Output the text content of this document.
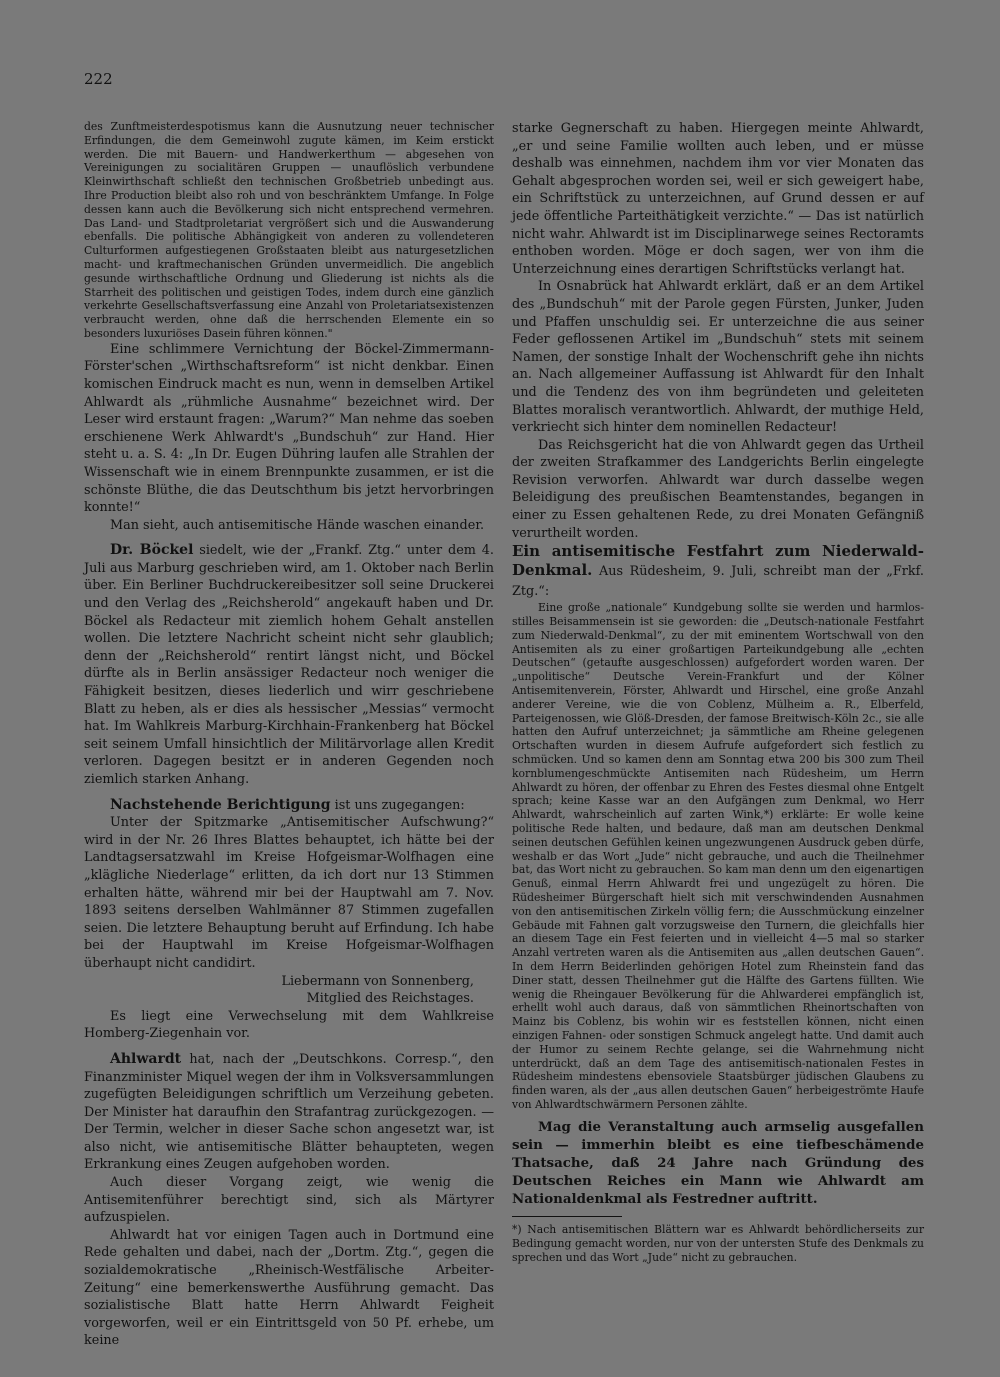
222

des Zunftmeisterdespotismus kann die Ausnutzung neuer technischer Erfindungen, die dem Gemeinwohl zugute kämen, im Keim erstickt werden. Die mit Bauern- und Handwerkerthum — abgesehen von Vereinigungen zu socialitären Gruppen — unauflöslich verbundene Kleinwirthschaft schließt den technischen Großbetrieb unbedingt aus. Ihre Production bleibt also roh und von beschränktem Umfange. In Folge dessen kann auch die Bevölkerung sich nicht entsprechend vermehren. Das Land- und Stadtproletariat vergrößert sich und die Auswanderung ebenfalls. Die politische Abhängigkeit von anderen zu vollendeteren Culturformen aufgestiegenen Großstaaten bleibt aus naturgesetzlichen macht- und kraftmechanischen Gründen unvermeidlich. Die angeblich gesunde wirthschaftliche Ordnung und Gliederung ist nichts als die Starrheit des politischen und geistigen Todes, indem durch eine gänzlich verkehrte Gesellschaftsverfassung eine Anzahl von Proletariatsexistenzen verbraucht werden, ohne daß die herrschenden Elemente ein so besonders luxuriöses Dasein führen können."

Eine schlimmere Vernichtung der Böckel-Zimmermann-Förster'schen „Wirthschaftsreform“ ist nicht denkbar. Einen komischen Eindruck macht es nun, wenn in demselben Artikel Ahlwardt als „rühmliche Ausnahme“ bezeichnet wird. Der Leser wird erstaunt fragen: „Warum?“ Man nehme das soeben erschienene Werk Ahlwardt's „Bundschuh“ zur Hand. Hier steht u. a. S. 4: „In Dr. Eugen Dühring laufen alle Strahlen der Wissenschaft wie in einem Brennpunkte zusammen, er ist die schönste Blüthe, die das Deutschthum bis jetzt hervorbringen konnte!“

Man sieht, auch antisemitische Hände waschen einander.

Dr. Böckel siedelt, wie der „Frankf. Ztg.“ unter dem 4. Juli aus Marburg geschrieben wird, am 1. Oktober nach Berlin über. Ein Berliner Buchdruckereibesitzer soll seine Druckerei und den Verlag des „Reichsherold“ angekauft haben und Dr. Böckel als Redacteur mit ziemlich hohem Gehalt anstellen wollen. Die letztere Nachricht scheint nicht sehr glaublich; denn der „Reichsherold“ rentirt längst nicht, und Böckel dürfte als in Berlin ansässiger Redacteur noch weniger die Fähigkeit besitzen, dieses liederlich und wirr geschriebene Blatt zu heben, als er dies als hessischer „Messias“ vermocht hat. Im Wahlkreis Marburg-Kirchhain-Frankenberg hat Böckel seit seinem Umfall hinsichtlich der Militärvorlage allen Kredit verloren. Dagegen besitzt er in anderen Gegenden noch ziemlich starken Anhang.

Nachstehende Berichtigung ist uns zugegangen:

Unter der Spitzmarke „Antisemitischer Aufschwung?“ wird in der Nr. 26 Ihres Blattes behauptet, ich hätte bei der Landtagsersatzwahl im Kreise Hofgeismar-Wolfhagen eine „klägliche Niederlage“ erlitten, da ich dort nur 13 Stimmen erhalten hätte, während mir bei der Hauptwahl am 7. Nov. 1893 seitens derselben Wahlmänner 87 Stimmen zugefallen seien. Die letztere Behauptung beruht auf Erfindung. Ich habe bei der Hauptwahl im Kreise Hofgeismar-Wolfhagen überhaupt nicht candidirt.

Liebermann von Sonnenberg,
Mitglied des Reichstages.

Es liegt eine Verwechselung mit dem Wahlkreise Homberg-Ziegenhain vor.

Ahlwardt hat, nach der „Deutschkons. Corresp.“, den Finanzminister Miquel wegen der ihm in Volksversammlungen zugefügten Beleidigungen schriftlich um Verzeihung gebeten. Der Minister hat daraufhin den Strafantrag zurückgezogen. — Der Termin, welcher in dieser Sache schon angesetzt war, ist also nicht, wie antisemitische Blätter behaupteten, wegen Erkrankung eines Zeugen aufgehoben worden.

Auch dieser Vorgang zeigt, wie wenig die Antisemitenführer berechtigt sind, sich als Märtyrer aufzuspielen.

Ahlwardt hat vor einigen Tagen auch in Dortmund eine Rede gehalten und dabei, nach der „Dortm. Ztg.“, gegen die sozialdemokratische „Rheinisch-Westfälische Arbeiter-Zeitung“ eine bemerkenswerthe Ausführung gemacht. Das sozialistische Blatt hatte Herrn Ahlwardt Feigheit vorgeworfen, weil er ein Eintrittsgeld von 50 Pf. erhebe, um keine

starke Gegnerschaft zu haben. Hiergegen meinte Ahlwardt, „er und seine Familie wollten auch leben, und er müsse deshalb was einnehmen, nachdem ihm vor vier Monaten das Gehalt abgesprochen worden sei, weil er sich geweigert habe, ein Schriftstück zu unterzeichnen, auf Grund dessen er auf jede öffentliche Parteithätigkeit verzichte.“ — Das ist natürlich nicht wahr. Ahlwardt ist im Disciplinarwege seines Rectoramts enthoben worden. Möge er doch sagen, wer von ihm die Unterzeichnung eines derartigen Schriftstücks verlangt hat.

In Osnabrück hat Ahlwardt erklärt, daß er an dem Artikel des „Bundschuh“ mit der Parole gegen Fürsten, Junker, Juden und Pfaffen unschuldig sei. Er unterzeichne die aus seiner Feder geflossenen Artikel im „Bundschuh“ stets mit seinem Namen, der sonstige Inhalt der Wochenschrift gehe ihn nichts an. Nach allgemeiner Auffassung ist Ahlwardt für den Inhalt und die Tendenz des von ihm begründeten und geleiteten Blattes moralisch verantwortlich. Ahlwardt, der muthige Held, verkriecht sich hinter dem nominellen Redacteur!

Das Reichsgericht hat die von Ahlwardt gegen das Urtheil der zweiten Strafkammer des Landgerichts Berlin eingelegte Revision verworfen. Ahlwardt war durch dasselbe wegen Beleidigung des preußischen Beamtenstandes, begangen in einer zu Essen gehaltenen Rede, zu drei Monaten Gefängniß verurtheilt worden.

Ein antisemitische Festfahrt zum Niederwald-Denkmal. Aus Rüdesheim, 9. Juli, schreibt man der „Frkf. Ztg.“:

Eine große „nationale“ Kundgebung sollte sie werden und harmlos-stilles Beisammensein ist sie geworden: die „Deutsch-nationale Festfahrt zum Niederwald-Denkmal“, zu der mit eminentem Wortschwall von den Antisemiten als zu einer großartigen Parteikundgebung alle „echten Deutschen“ (getaufte ausgeschlossen) aufgefordert worden waren. Der „unpolitische“ Deutsche Verein-Frankfurt und der Kölner Antisemitenverein, Förster, Ahlwardt und Hirschel, eine große Anzahl anderer Vereine, wie die von Coblenz, Mülheim a. R., Elberfeld, Parteigenossen, wie Glöß-Dresden, der famose Breitwisch-Köln 2c., sie alle hatten den Aufruf unterzeichnet; ja sämmtliche am Rheine gelegenen Ortschaften wurden in diesem Aufrufe aufgefordert sich festlich zu schmücken. Und so kamen denn am Sonntag etwa 200 bis 300 zum Theil kornblumengeschmückte Antisemiten nach Rüdesheim, um Herrn Ahlwardt zu hören, der offenbar zu Ehren des Festes diesmal ohne Entgelt sprach; keine Kasse war an den Aufgängen zum Denkmal, wo Herr Ahlwardt, wahrscheinlich auf zarten Wink,*) erklärte: Er wolle keine politische Rede halten, und bedaure, daß man am deutschen Denkmal seinen deutschen Gefühlen keinen ungezwungenen Ausdruck geben dürfe, weshalb er das Wort „Jude“ nicht gebrauche, und auch die Theilnehmer bat, das Wort nicht zu gebrauchen. So kam man denn um den eigenartigen Genuß, einmal Herrn Ahlwardt frei und ungezügelt zu hören. Die Rüdesheimer Bürgerschaft hielt sich mit verschwindenden Ausnahmen von den antisemitischen Zirkeln völlig fern; die Ausschmückung einzelner Gebäude mit Fahnen galt vorzugsweise den Turnern, die gleichfalls hier an diesem Tage ein Fest feierten und in vielleicht 4—5 mal so starker Anzahl vertreten waren als die Antisemiten aus „allen deutschen Gauen“. In dem Herrn Beiderlinden gehörigen Hotel zum Rheinstein fand das Diner statt, dessen Theilnehmer gut die Hälfte des Gartens füllten. Wie wenig die Rheingauer Bevölkerung für die Ahlwarderei empfänglich ist, erhellt wohl auch daraus, daß von sämmtlichen Rheinortschaften von Mainz bis Coblenz, bis wohin wir es feststellen können, nicht einen einzigen Fahnen- oder sonstigen Schmuck angelegt hatte. Und damit auch der Humor zu seinem Rechte gelange, sei die Wahrnehmung nicht unterdrückt, daß an dem Tage des antisemitisch-nationalen Festes in Rüdesheim mindestens ebensoviele Staatsbürger jüdischen Glaubens zu finden waren, als der „aus allen deutschen Gauen“ herbeigeströmte Haufe von Ahlwardtschwärmern Personen zählte.

Mag die Veranstaltung auch armselig ausgefallen sein — immerhin bleibt es eine tiefbeschämende Thatsache, daß 24 Jahre nach Gründung des Deutschen Reiches ein Mann wie Ahlwardt am Nationaldenkmal als Festredner auftritt.

*) Nach antisemitischen Blättern war es Ahlwardt behördlicherseits zur Bedingung gemacht worden, nur von der untersten Stufe des Denkmals zu sprechen und das Wort „Jude“ nicht zu gebrauchen.
